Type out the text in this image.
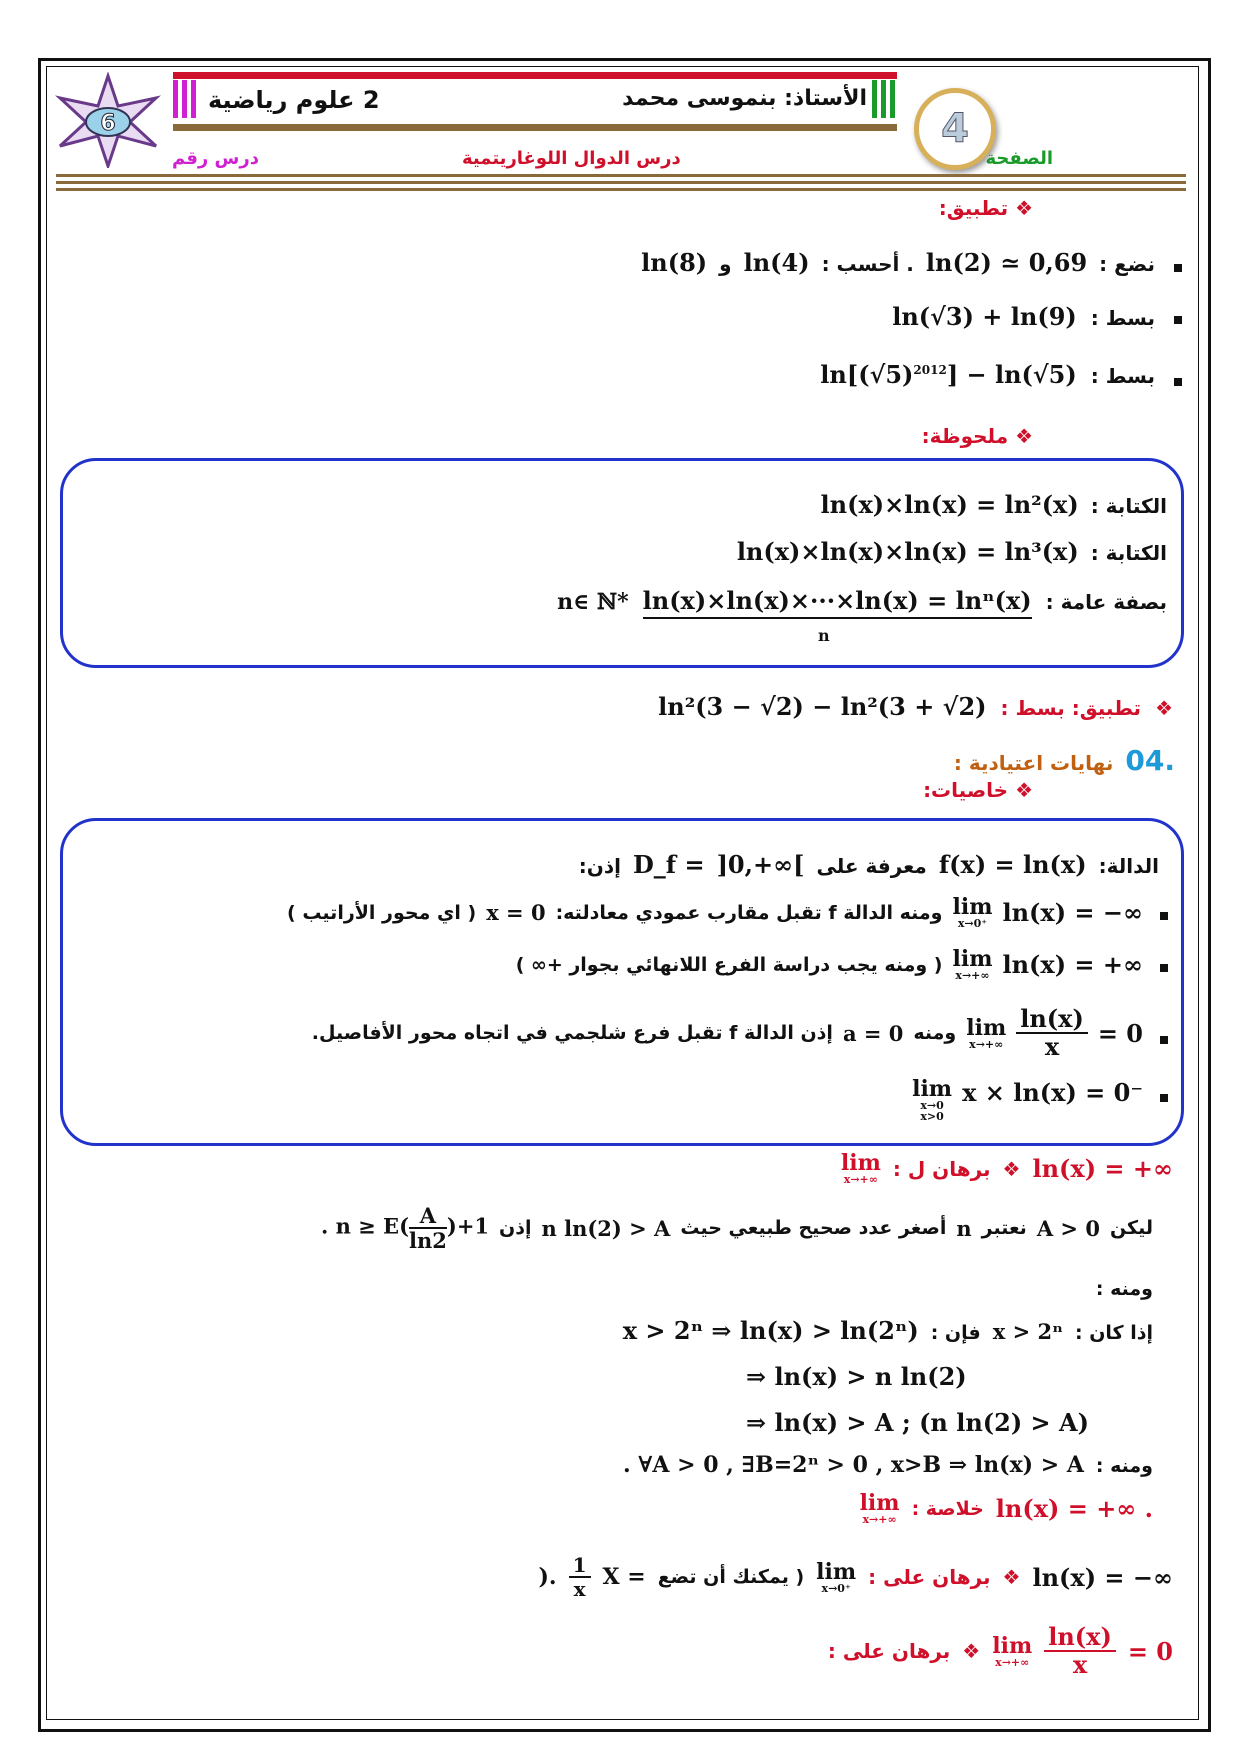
6
2 علوم رياضية	الأستاذ: بنموسى محمد
4
درس رقم	درس الدوال اللوغاريتمية	الصفحة
❖ تطبيق:
نضع :
ln(2) ≃ 0,69
. أحسب :
ln(4)
و
ln(8)
بسط :
ln(√3) + ln(9)
بسط :
$\ln[(√5)^{2012}] - \ln(√5)$
❖ ملحوظة:
الكتابة :
ln(x)×ln(x) = ln²(x)
الكتابة :
ln(x)×ln(x)×ln(x) = ln³(x)
بصفة عامة :
ln(x)×ln(x)×···×ln(x) = lnⁿ(x)
n∈ ℕ*
n
❖
تطبيق: بسط :
ln²(3 − √2) − ln²(3 + √2)
04.
نهايات اعتيادية :
❖ خاصيات:
الدالة:
f(x) = ln(x)
معرفة على
]0,+∞[
D_f =
إذن:
lim
x→0⁺ ln(x) = −∞
ومنه الدالة f تقبل مقارب عمودي معادلته:
x = 0
( اي محور الأراتيب )
ln(x) = +∞
lim
x→+∞
( ومنه يجب دراسة الفرع اللانهائي بجوار +∞ )
= 0
$\frac{\ln(x)}{x}$
lim
x→+∞
ومنه
a = 0
إذن الدالة f تقبل فرع شلجمي في اتجاه محور الأفاصيل.
x × ln(x) = 0⁻
lim
x→0
x>0
❖
برهان ل : ln(x) = +∞
lim
x→+∞
ليكن
A > 0
نعتبر
n
أصغر عدد صحيح طبيعي حيث
n ln(2) > A
إذن
. $n \ge E( \frac{A}{\ln 2} )+1$
ومنه :
إذا كان :
x > 2ⁿ
فإن :
x > 2ⁿ ⇒ ln(x) > ln(2ⁿ)
⇒ ln(x) > n ln(2)
⇒ ln(x) > A ; (n ln(2) > A)
ومنه :
. ∀A > 0 , ∃B=2ⁿ > 0 , x>B ⇒ ln(x) > A
خلاصة : ln(x) = +∞ .
lim
x→+∞
❖
برهان على : ln(x) = −∞
lim
x→0⁺
( يمكنك أن تضع
X =
$\frac{1}{x}$
).
❖
برهان على :	= 0
$\frac{\ln(x)}{x}$
lim
x→+∞
